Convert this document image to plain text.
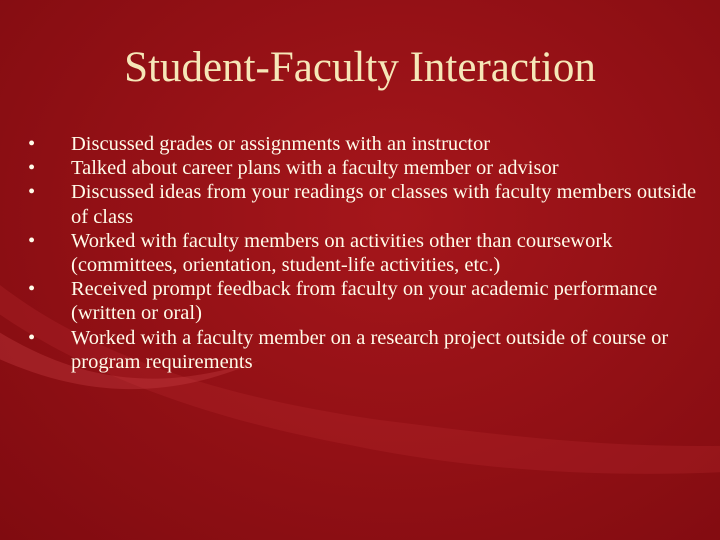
Student-Faculty Interaction
•	Discussed grades or assignments with an instructor
•	Talked about career plans with a faculty member or advisor
•	Discussed ideas from your readings or classes with faculty members outside of class
•	Worked with faculty members on activities other than coursework (committees, orientation, student-life activities, etc.)
•	Received prompt feedback from faculty on your academic performance (written or oral)
•	Worked with a faculty member on a research project outside of course or program requirements
